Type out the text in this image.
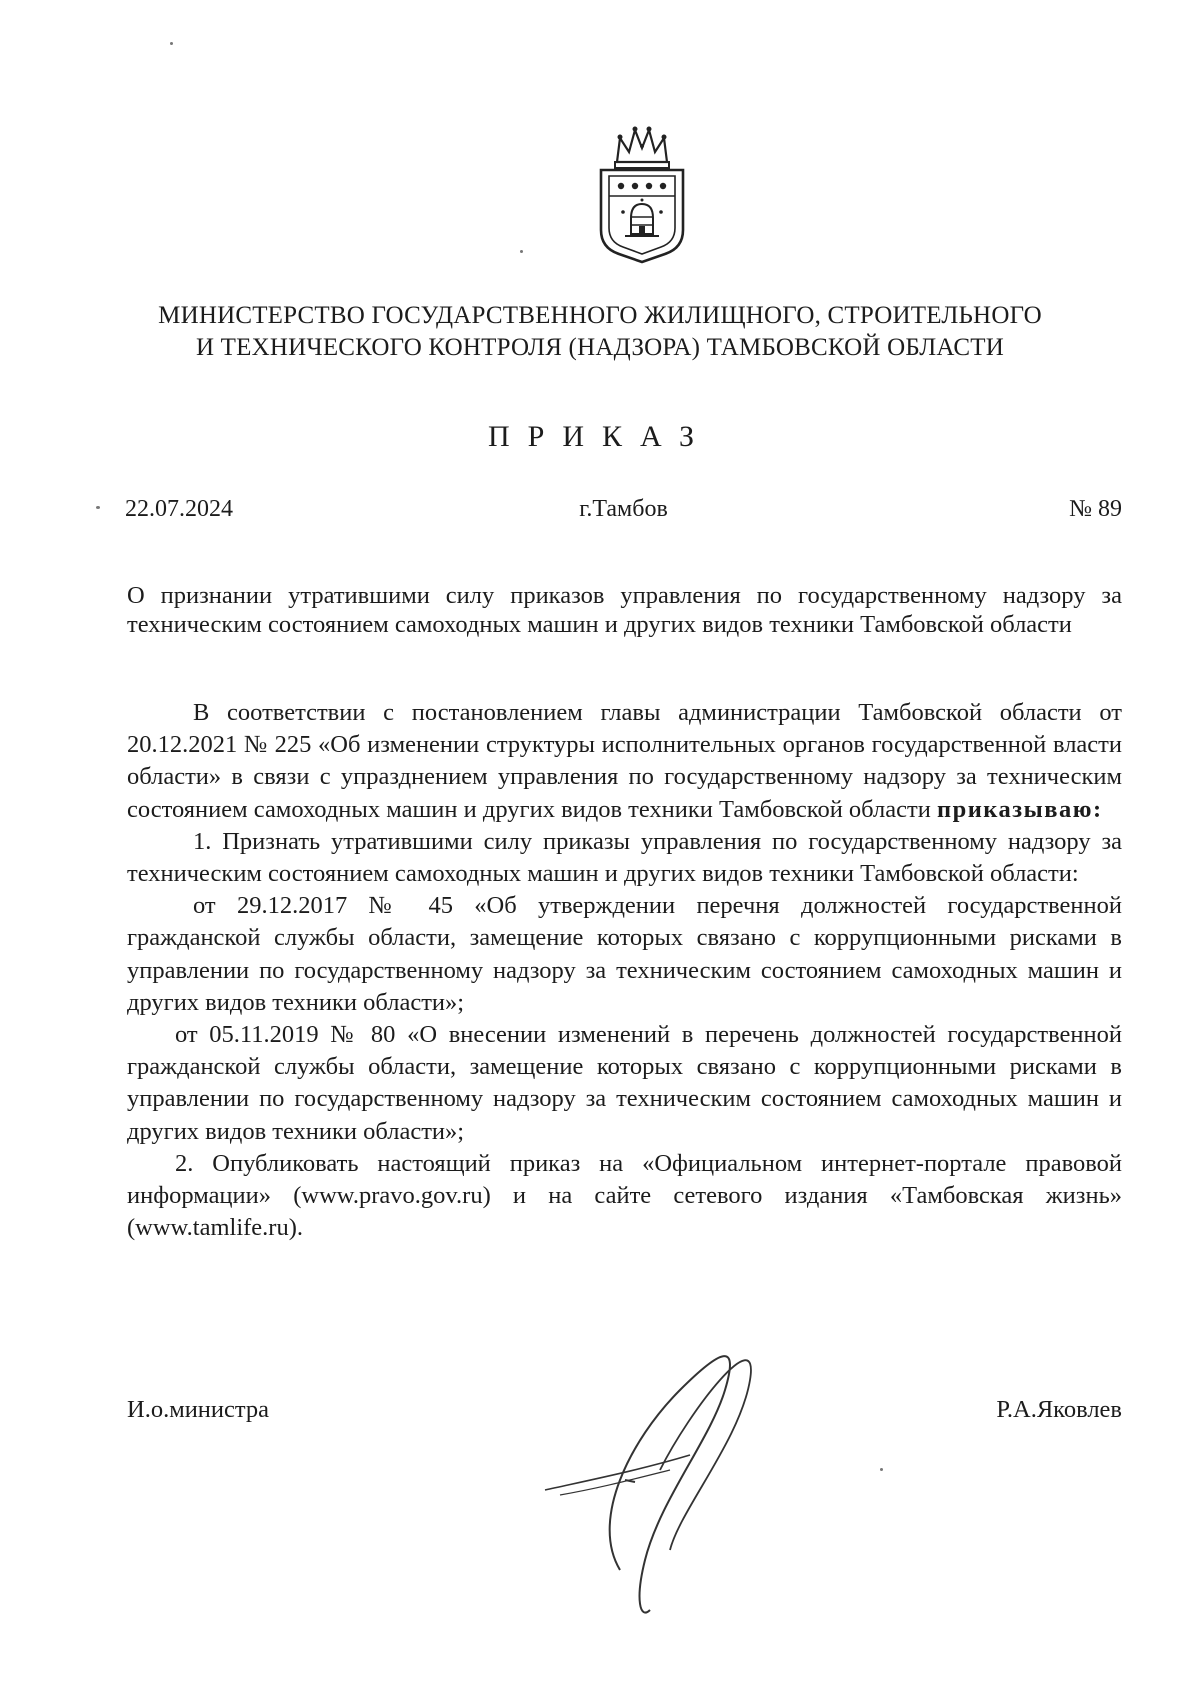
МИНИСТЕРСТВО ГОСУДАРСТВЕННОГО ЖИЛИЩНОГО, СТРОИТЕЛЬНОГО
И ТЕХНИЧЕСКОГО КОНТРОЛЯ (НАДЗОРА) ТАМБОВСКОЙ ОБЛАСТИ
ПРИКАЗ
22.07.2024	г.Тамбов	№ 89
О признании утратившими силу приказов управления по государственному надзору за техническим состоянием самоходных машин и других видов техники Тамбовской области

В соответствии с постановлением главы администрации Тамбовской области от 20.12.2021 № 225 «Об изменении структуры исполнительных органов государственной власти области» в связи с упразднением управления по государственному надзору за техническим состоянием самоходных машин и других видов техники Тамбовской области приказываю:

1. Признать утратившими силу приказы управления по государственному надзору за техническим состоянием самоходных машин и других видов техники Тамбовской области:

от 29.12.2017 № 45 «Об утверждении перечня должностей государственной гражданской службы области, замещение которых связано с коррупционными рисками в управлении по государственному надзору за техническим состоянием самоходных машин и других видов техники области»;

от 05.11.2019 № 80 «О внесении изменений в перечень должностей государственной гражданской службы области, замещение которых связано с коррупционными рисками в управлении по государственному надзору за техническим состоянием самоходных машин и других видов техники области»;

2. Опубликовать настоящий приказ на «Официальном интернет-портале правовой информации» (www.pravo.gov.ru) и на сайте сетевого издания «Тамбовская жизнь» (www.tamlife.ru).

И.о.министра	Р.А.Яковлев
